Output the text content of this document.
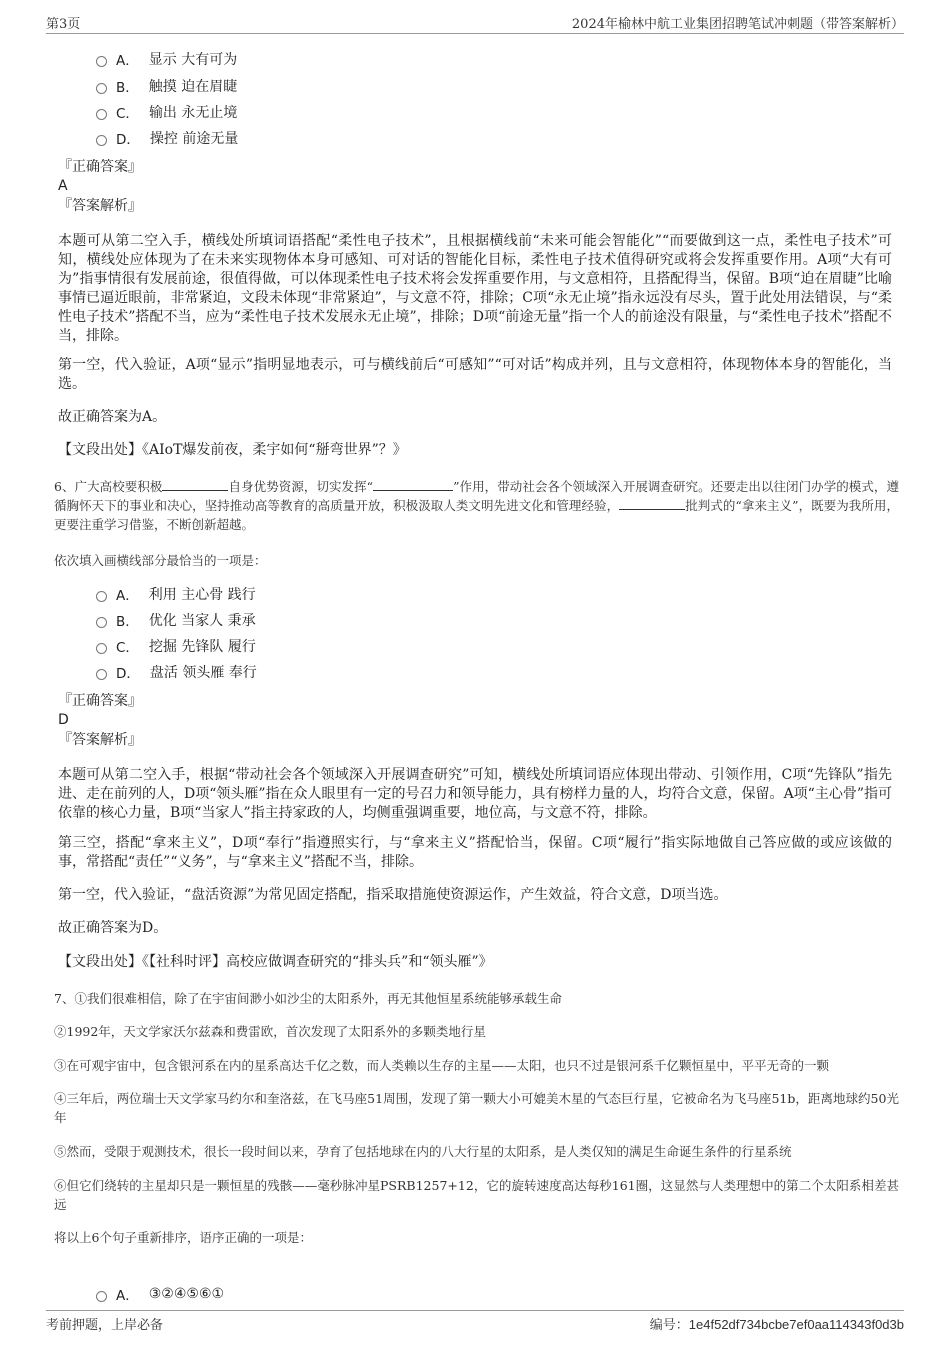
第3页	2024年榆林中航工业集团招聘笔试冲刺题（带答案解析）
A． 显示 大有可为
B． 触摸 迫在眉睫
C． 输出 永无止境
D． 操控 前途无量
『正确答案』
A
『答案解析』
本题可从第二空入手，横线处所填词语搭配“柔性电子技术”，且根据横线前“未来可能会智能化”“而要做到这一点，柔性电子技术”可知，横线处应体现为了在未来实现物体本身可感知、可对话的智能化目标，柔性电子技术值得研究或将会发挥重要作用。A项“大有可为”指事情很有发展前途，很值得做，可以体现柔性电子技术将会发挥重要作用，与文意相符，且搭配得当，保留。B项“迫在眉睫”比喻事情已逼近眼前，非常紧迫，文段未体现“非常紧迫”，与文意不符，排除；C项“永无止境”指永远没有尽头，置于此处用法错误，与“柔性电子技术”搭配不当，应为“柔性电子技术发展永无止境”，排除；D项“前途无量”指一个人的前途没有限量，与“柔性电子技术”搭配不当，排除。
第一空，代入验证，A项“显示”指明显地表示，可与横线前后“可感知”“可对话”构成并列，且与文意相符，体现物体本身的智能化，当选。
故正确答案为A。
【文段出处】《AIoT爆发前夜，柔宇如何“掰弯世界”？》
6、广大高校要积极	自身优势资源，切实发挥“	”作用，带动社会各个领域深入开展调查研究。还要走出以往闭门办学的模式，遵循胸怀天下的事业和决心，坚持推动高等教育的高质量开放，积极汲取人类文明先进文化和管理经验，	批判式的“拿来主义”，既要为我所用，更要注重学习借鉴，不断创新超越。
依次填入画横线部分最恰当的一项是：
A． 利用 主心骨 践行
B． 优化 当家人 秉承
C． 挖掘 先锋队 履行
D． 盘活 领头雁 奉行
『正确答案』
D
『答案解析』
本题可从第二空入手，根据“带动社会各个领域深入开展调查研究”可知，横线处所填词语应体现出带动、引领作用，C项“先锋队”指先进、走在前列的人，D项“领头雁”指在众人眼里有一定的号召力和领导能力，具有榜样力量的人，均符合文意，保留。A项“主心骨”指可依靠的核心力量，B项“当家人”指主持家政的人，均侧重强调重要，地位高，与文意不符，排除。
第三空，搭配“拿来主义”，D项“奉行”指遵照实行，与“拿来主义”搭配恰当，保留。C项“履行”指实际地做自己答应做的或应该做的事，常搭配“责任”“义务”，与“拿来主义”搭配不当，排除。
第一空，代入验证，“盘活资源”为常见固定搭配，指采取措施使资源运作，产生效益，符合文意，D项当选。
故正确答案为D。
【文段出处】《【社科时评】高校应做调查研究的“排头兵”和“领头雁”》
7、①我们很难相信，除了在宇宙间渺小如沙尘的太阳系外，再无其他恒星系统能够承载生命
②1992年，天文学家沃尔兹森和费雷欧，首次发现了太阳系外的多颗类地行星
③在可观宇宙中，包含银河系在内的星系高达千亿之数，而人类赖以生存的主星——太阳，也只不过是银河系千亿颗恒星中，平平无奇的一颗
④三年后，两位瑞士天文学家马约尔和奎洛兹，在飞马座51周围，发现了第一颗大小可媲美木星的气态巨行星，它被命名为飞马座51b，距离地球约50光年
⑤然而，受限于观测技术，很长一段时间以来，孕育了包括地球在内的八大行星的太阳系，是人类仅知的满足生命诞生条件的行星系统
⑥但它们绕转的主星却只是一颗恒星的残骸——毫秒脉冲星PSRB1257+12，它的旋转速度高达每秒161圈，这显然与人类理想中的第二个太阳系相差甚远
将以上6个句子重新排序，语序正确的一项是：
A． ③②④⑤⑥①
考前押题，上岸必备	编号：1e4f52df734bcbe7ef0aa114343f0d3b
